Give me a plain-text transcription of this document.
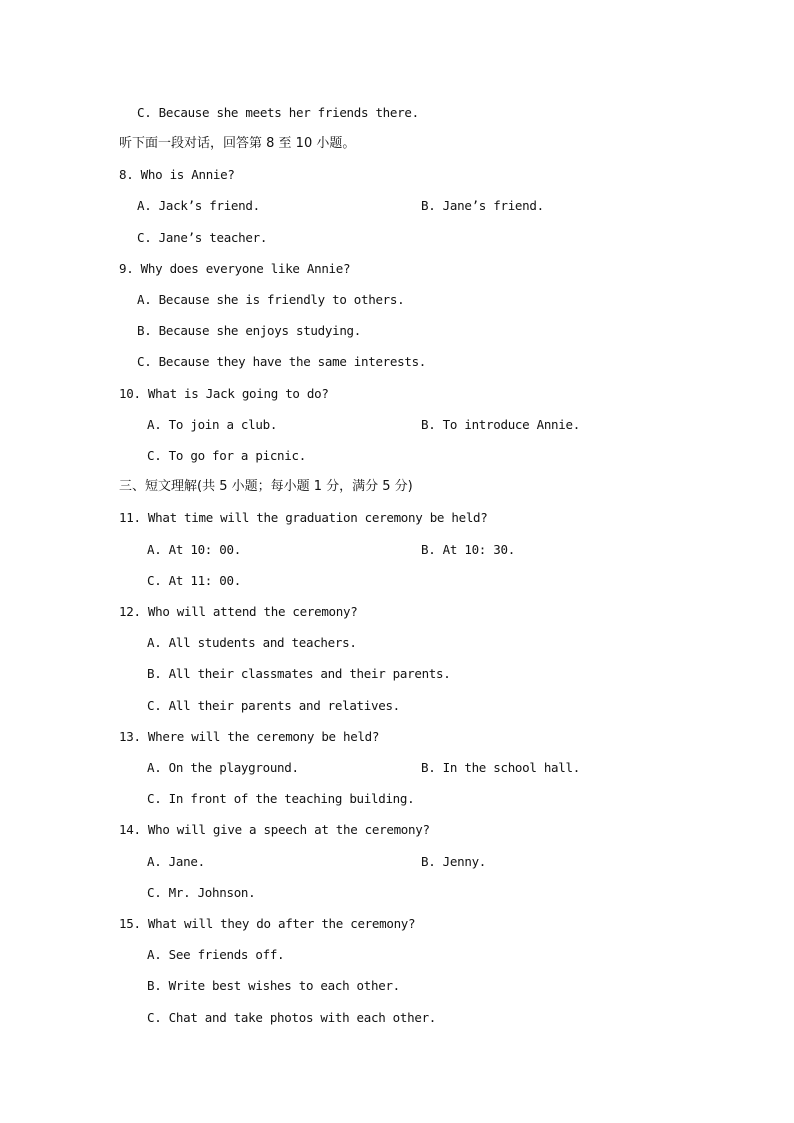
C. Because she meets her friends there.
听下面一段对话，回答第 8 至 10 小题。
8. Who is Annie?
A. Jack’s friend.	B. Jane’s friend.
C. Jane’s teacher.
9. Why does everyone like Annie?
A. Because she is friendly to others.
B. Because she enjoys studying.
C. Because they have the same interests.
10. What is Jack going to do?
A. To join a club.	B. To introduce Annie.
C. To go for a picnic.
三、短文理解(共 5 小题；每小题 1 分，满分 5 分)
11. What time will the graduation ceremony be held?
A. At 10: 00.	B. At 10: 30.
C. At 11: 00.
12. Who will attend the ceremony?
A. All students and teachers.
B. All their classmates and their parents.
C. All their parents and relatives.
13. Where will the ceremony be held?
A. On the playground.	B. In the school hall.
C. In front of the teaching building.
14. Who will give a speech at the ceremony?
A. Jane.	B. Jenny.
C. Mr. Johnson.
15. What will they do after the ceremony?
A. See friends off.
B. Write best wishes to each other.
C. Chat and take photos with each other.
